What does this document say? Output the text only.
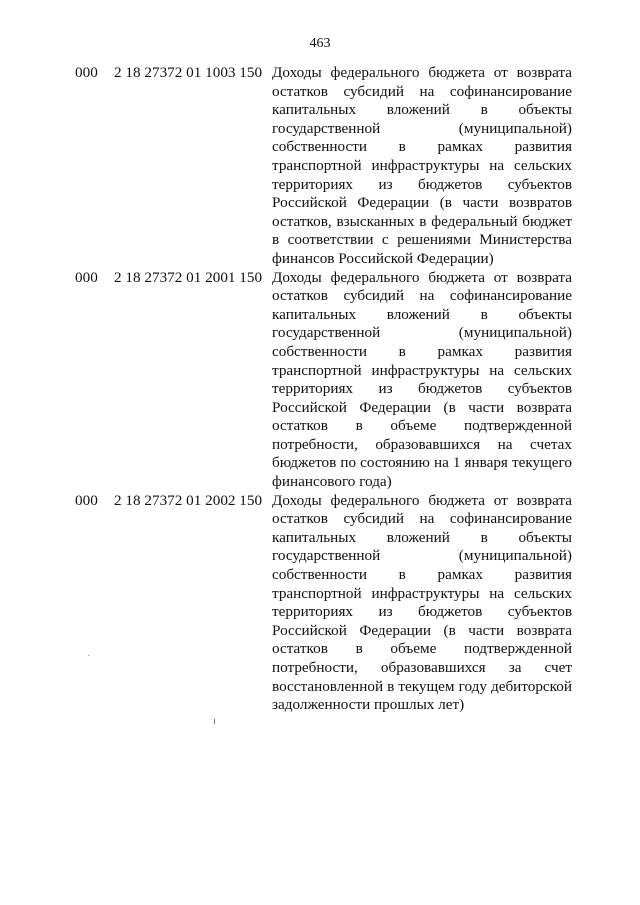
463
000 2 18 27372 01 1003 150 Доходы федерального бюджета от возврата
остатков субсидий на софинансирование
капитальных вложений в объекты
государственной (муниципальной)
собственности в рамках развития
транспортной инфраструктуры на сельских
территориях из бюджетов субъектов
Российской Федерации (в части возвратов
остатков, взысканных в федеральный бюджет
в соответствии с решениями Министерства
финансов Российской Федерации)
000 2 18 27372 01 2001 150 Доходы федерального бюджета от возврата
остатков субсидий на софинансирование
капитальных вложений в объекты
государственной (муниципальной)
собственности в рамках развития
транспортной инфраструктуры на сельских
территориях из бюджетов субъектов
Российской Федерации (в части возврата
остатков в объеме подтвержденной
потребности, образовавшихся на счетах
бюджетов по состоянию на 1 января текущего
финансового года)
000 2 18 27372 01 2002 150 Доходы федерального бюджета от возврата
остатков субсидий на софинансирование
капитальных вложений в объекты
государственной (муниципальной)
собственности в рамках развития
транспортной инфраструктуры на сельских
территориях из бюджетов субъектов
Российской Федерации (в части возврата
остатков в объеме подтвержденной
потребности, образовавшихся за счет
восстановленной в текущем году дебиторской
задолженности прошлых лет)
